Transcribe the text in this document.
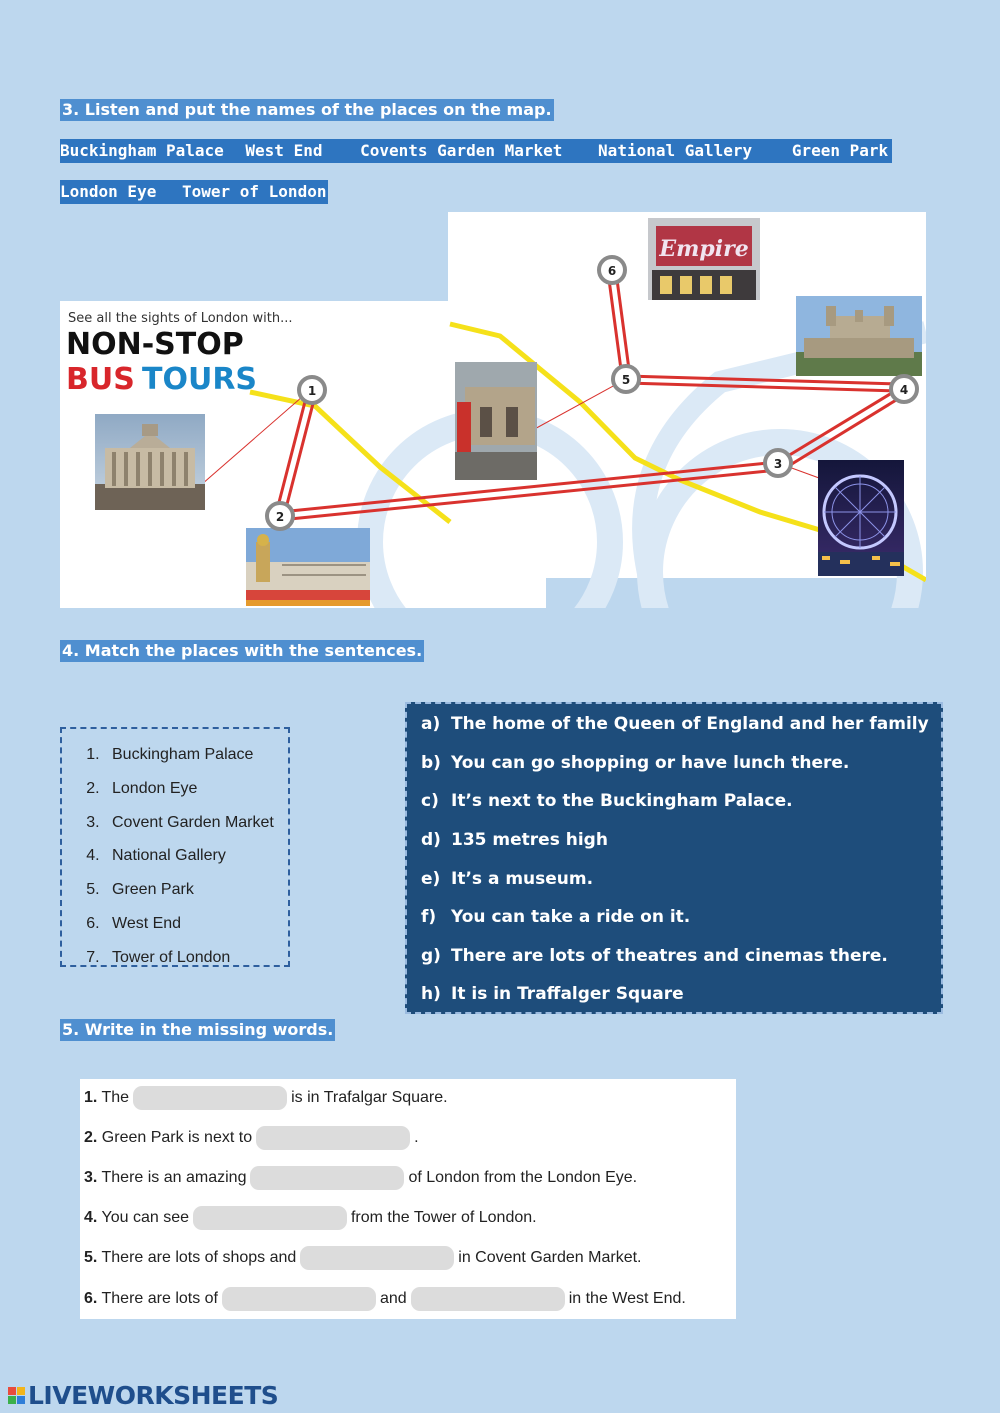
3. Listen and put the names of the places on the map.
Buckingham Palace West End Covents Garden Market National Gallery Green Park
London Eye Tower of London
See all the sights of London with...
NON-STOP
BUS TOURS
Empire
1
2
3
4
5
6
4. Match the places with the sentences.
1. Buckingham Palace
2. London Eye
3. Covent Garden Market
4. National Gallery
5. Green Park
6. West End
7. Tower of London
a) The home of the Queen of England and her family
b) You can go shopping or have lunch there.
c) It’s next to the Buckingham Palace.
d) 135 metres high
e) It’s a museum.
f) You can take a ride on it.
g) There are lots of theatres and cinemas there.
h) It is in Traffalger Square
5. Write in the missing words.
1. The	is in Trafalgar Square.
2. Green Park is next to	.
3. There is an amazing	of London from the London Eye.
4. You can see	from the Tower of London.
5. There are lots of shops and	in Covent Garden Market.
6. There are lots of	and	in the West End.
LIVEWORKSHEETS
